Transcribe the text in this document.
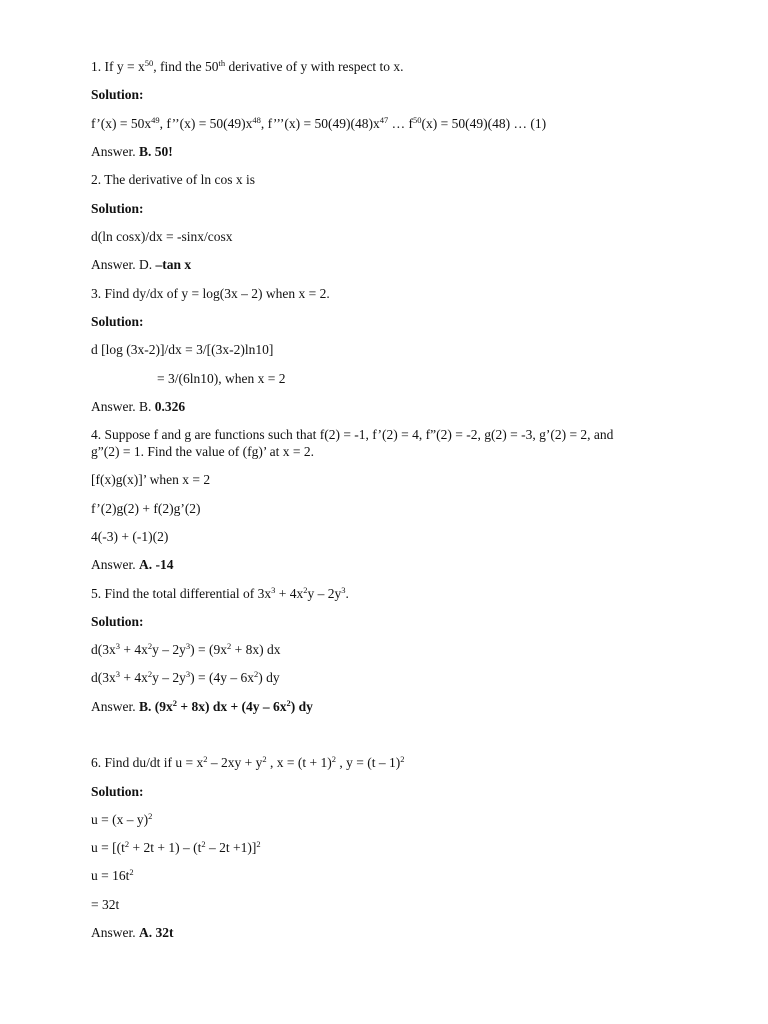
1. If $y = x^{50}$, find the 50th derivative of y with respect to x.
Solution:
f’(x) = $50x^{49}$, f’’(x) = $50(49)x^{48}$, f’’’(x) = $50(49)(48)x^{47}$ … $f^{50}(x) = 50(49)(48)$ … (1)
Answer. B. 50!
2. The derivative of ln cos x is
Solution:
d(ln cosx)/dx = -sinx/cosx
Answer. D. –tan x
3. Find dy/dx of y = log(3x – 2) when x = 2.
Solution:
d [log (3x-2)]/dx = 3/[(3x-2)ln10]
= 3/(6ln10), when x = 2
Answer. B. 0.326
4. Suppose f and g are functions such that f(2) = -1, f’(2) = 4, f”(2) = -2, g(2) = -3, g’(2) = 2, and
g”(2) = 1. Find the value of (fg)’ at x = 2.
[f(x)g(x)]’ when x = 2
f’(2)g(2) + f(2)g’(2)
4(-3) + (-1)(2)
Answer. A. -14
5. Find the total differential of $3x^3 + 4x^2y - 2y^3$.
Solution:
$d(3x^3 + 4x^2y - 2y^3) = (9x^2 + 8x)$ dx
$d(3x^3 + 4x^2y - 2y^3) = (4y - 6x^2)$ dy
Answer. B. $(9x^2 + 8x)$ dx + $(4y - 6x^2)$ dy
6. Find du/dt if $u = x^2 - 2xy + y^2$ , $x = (t + 1)^2$ , y = (t – 1)$^2$
Solution:
u = (x – y)$^2$
$u = [(t^2 + 2t + 1) - (t^2 - 2t +1)]^2$
$u = 16t^2$
= 32t
Answer. A. 32t
